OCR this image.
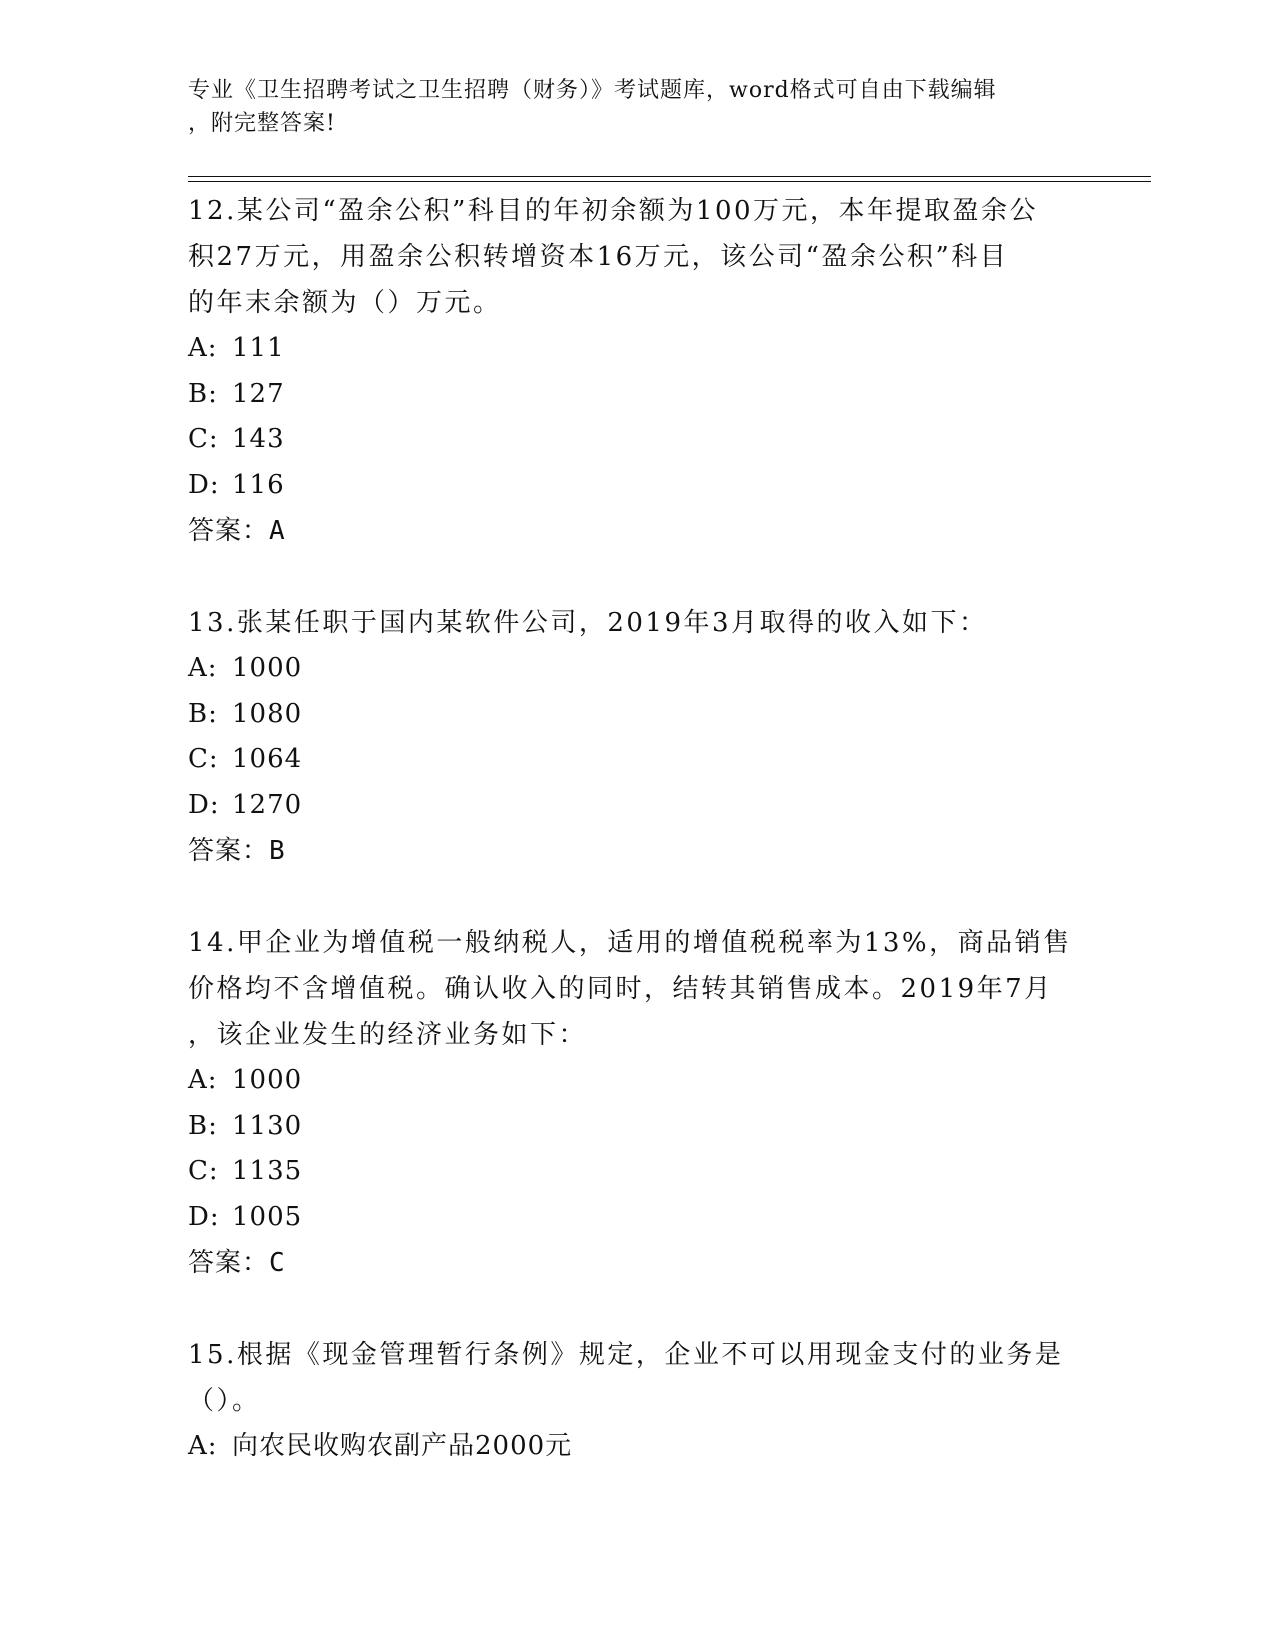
专业《卫生招聘考试之卫生招聘（财务）》考试题库，word格式可自由下载编辑
，附完整答案!

12.某公司“盈余公积”科目的年初余额为100万元，本年提取盈余公

积27万元，用盈余公积转增资本16万元，该公司“盈余公积”科目

的年末余额为（）万元。

A: 111

B: 127

C: 143

D: 116

答案：A

13.张某任职于国内某软件公司，2019年3月取得的收入如下：

A: 1000

B: 1080

C: 1064

D: 1270

答案：B

14.甲企业为增值税一般纳税人，适用的增值税税率为13%，商品销售

价格均不含增值税。确认收入的同时，结转其销售成本。2019年7月

，该企业发生的经济业务如下：

A: 1000

B: 1130

C: 1135

D: 1005

答案：C

15.根据《现金管理暂行条例》规定，企业不可以用现金支付的业务是

（）。

A: 向农民收购农副产品2000元
